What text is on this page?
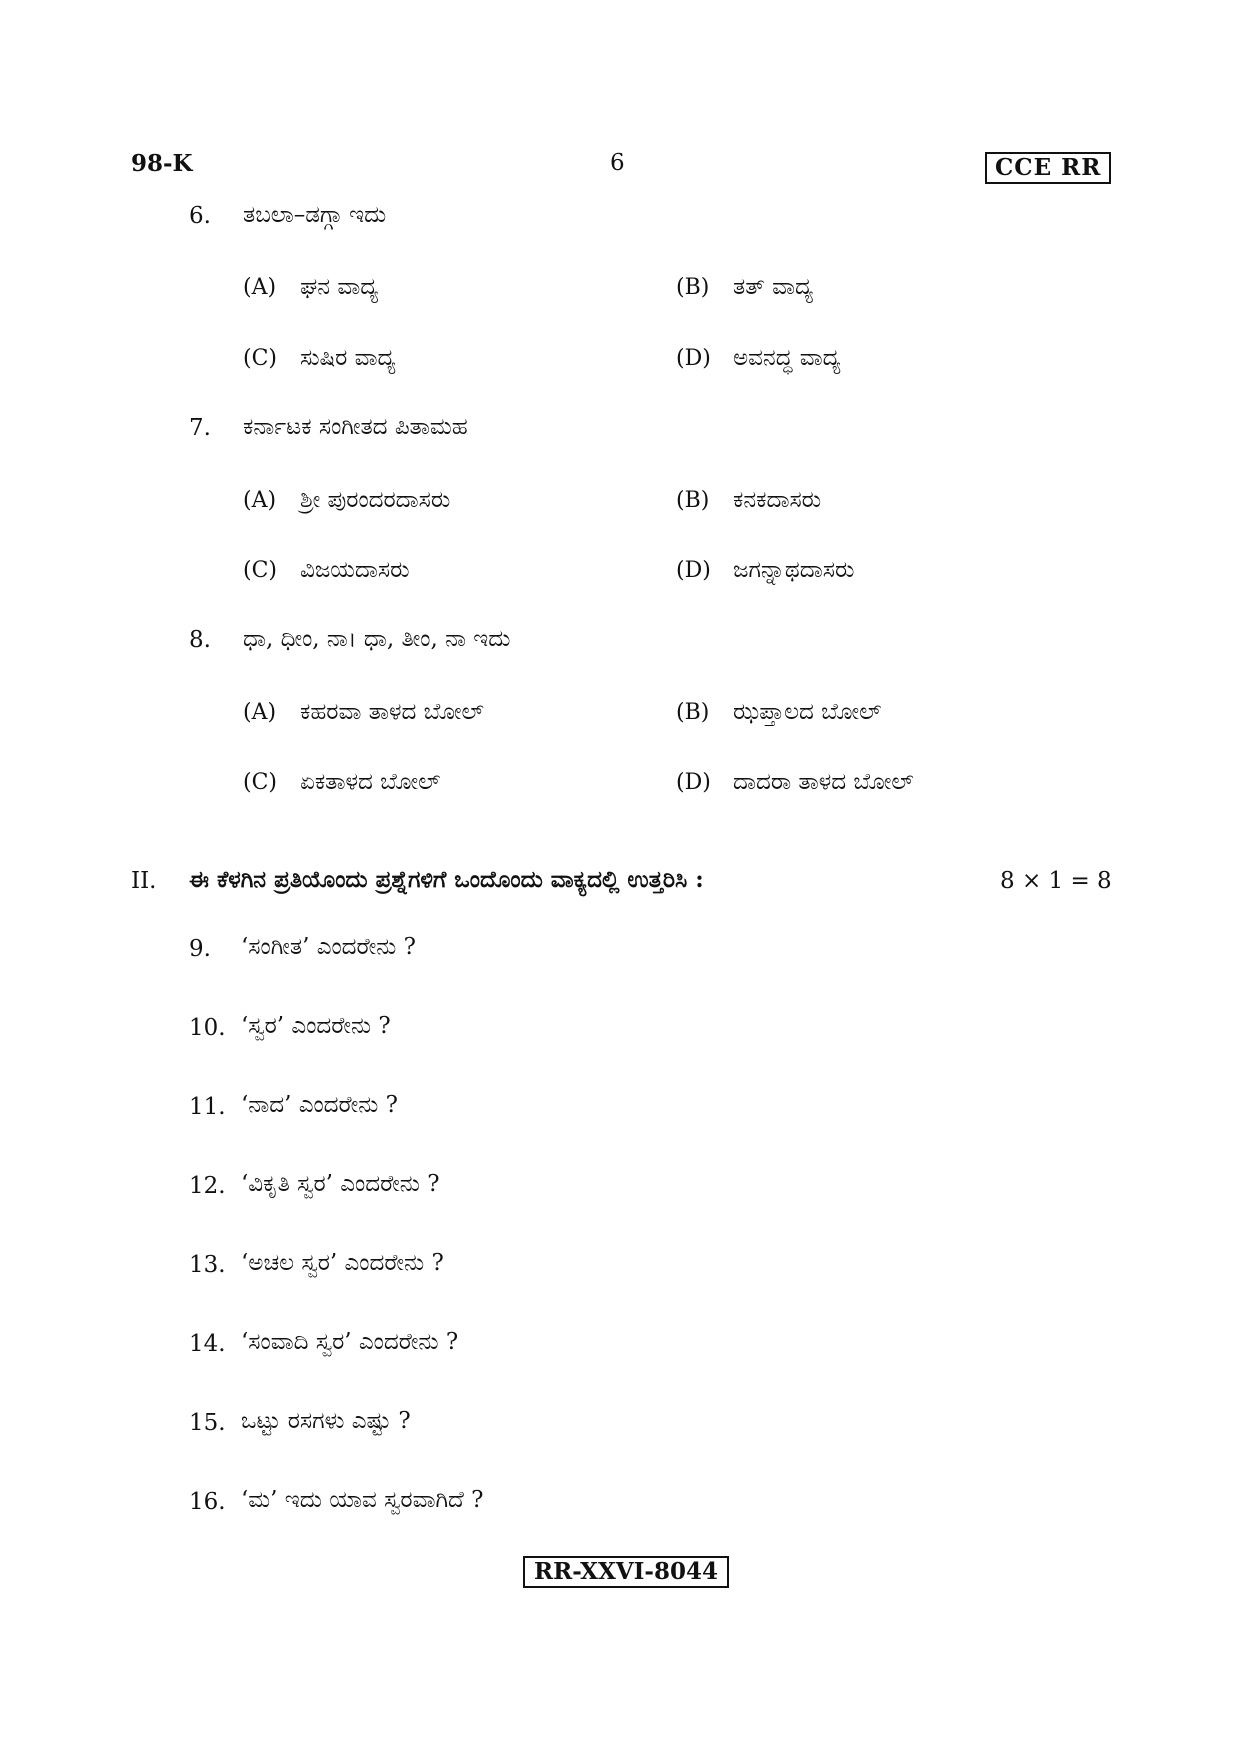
98-K	6	CCE RR
6. ತಬಲಾ–ಡಗ್ಗಾ ಇದು
(A) ಘನ ವಾದ್ಯ	(B) ತತ್ ವಾದ್ಯ
(C) ಸುಷಿರ ವಾದ್ಯ	(D) ಅವನದ್ಧ ವಾದ್ಯ
7. ಕರ್ನಾಟಕ ಸಂಗೀತದ ಪಿತಾಮಹ
(A) ಶ್ರೀ ಪುರಂದರದಾಸರು	(B) ಕನಕದಾಸರು
(C) ವಿಜಯದಾಸರು	(D) ಜಗನ್ನಾಥದಾಸರು
8. ಧಾ, ಧೀಂ, ನಾ। ಧಾ, ತೀಂ, ನಾ ಇದು
(A) ಕಹರವಾ ತಾಳದ ಬೋಲ್	(B) ಝಪ್ತಾಲದ ಬೋಲ್
(C) ಏಕತಾಳದ ಬೋಲ್	(D) ದಾದರಾ ತಾಳದ ಬೋಲ್
II. ಈ ಕೆಳಗಿನ ಪ್ರತಿಯೊಂದು ಪ್ರಶ್ನೆಗಳಿಗೆ ಒಂದೊಂದು ವಾಕ್ಯದಲ್ಲಿ ಉತ್ತರಿಸಿ :	8 × 1 = 8
9. ‘ಸಂಗೀತ’ ಎಂದರೇನು ?
10. ‘ಸ್ವರ’ ಎಂದರೇನು ?
11. ‘ನಾದ’ ಎಂದರೇನು ?
12. ‘ವಿಕೃತಿ ಸ್ವರ’ ಎಂದರೇನು ?
13. ‘ಅಚಲ ಸ್ವರ’ ಎಂದರೇನು ?
14. ‘ಸಂವಾದಿ ಸ್ವರ’ ಎಂದರೇನು ?
15. ಒಟ್ಟು ರಸಗಳು ಎಷ್ಟು ?
16. ‘ಮ’ ಇದು ಯಾವ ಸ್ವರವಾಗಿದೆ ?
RR-XXVI-8044
